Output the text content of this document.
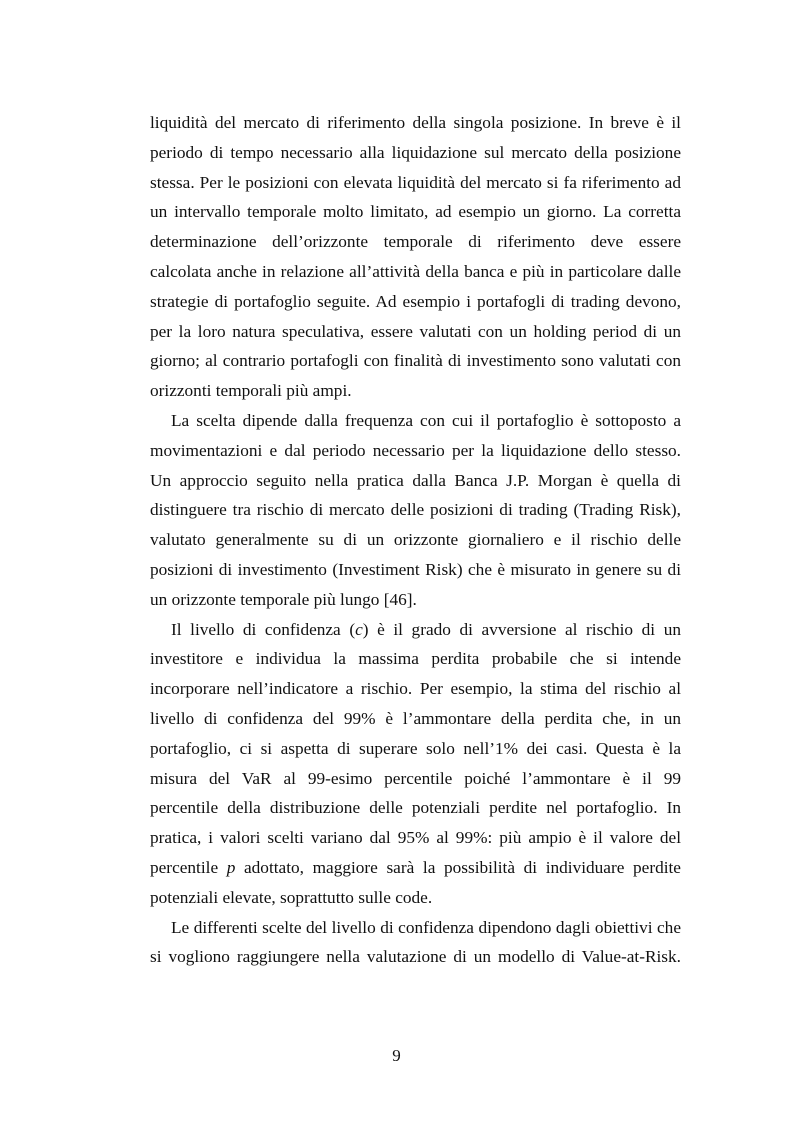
liquidità del mercato di riferimento della singola posizione. In breve è il
periodo di tempo necessario alla liquidazione sul mercato della posizione
stessa. Per le posizioni con elevata liquidità del mercato si fa riferimento ad
un intervallo temporale molto limitato, ad esempio un giorno. La corretta
determinazione dell’orizzonte temporale di riferimento deve essere
calcolata anche in relazione all’attività della banca e più in particolare dalle
strategie di portafoglio seguite. Ad esempio i portafogli di trading devono,
per la loro natura speculativa, essere valutati con un holding period di un
giorno; al contrario portafogli con finalità di investimento sono valutati con
orizzonti temporali più ampi.
La scelta dipende dalla frequenza con cui il portafoglio è sottoposto a
movimentazioni e dal periodo necessario per la liquidazione dello stesso.
Un approccio seguito nella pratica dalla Banca J.P. Morgan è quella di
distinguere tra rischio di mercato delle posizioni di trading (Trading Risk),
valutato generalmente su di un orizzonte giornaliero e il rischio delle
posizioni di investimento (Investiment Risk) che è misurato in genere su di
un orizzonte temporale più lungo [46].
Il livello di confidenza (c) è il grado di avversione al rischio di un
investitore e individua la massima perdita probabile che si intende
incorporare nell’indicatore a rischio. Per esempio, la stima del rischio al
livello di confidenza del 99% è l’ammontare della perdita che, in un
portafoglio, ci si aspetta di superare solo nell’1% dei casi. Questa è la
misura del VaR al 99-esimo percentile poiché l’ammontare è il 99
percentile della distribuzione delle potenziali perdite nel portafoglio. In
pratica, i valori scelti variano dal 95% al 99%: più ampio è il valore del
percentile p adottato, maggiore sarà la possibilità di individuare perdite
potenziali elevate, soprattutto sulle code.
Le differenti scelte del livello di confidenza dipendono dagli obiettivi che
si vogliono raggiungere nella valutazione di un modello di Value-at-Risk.
9
